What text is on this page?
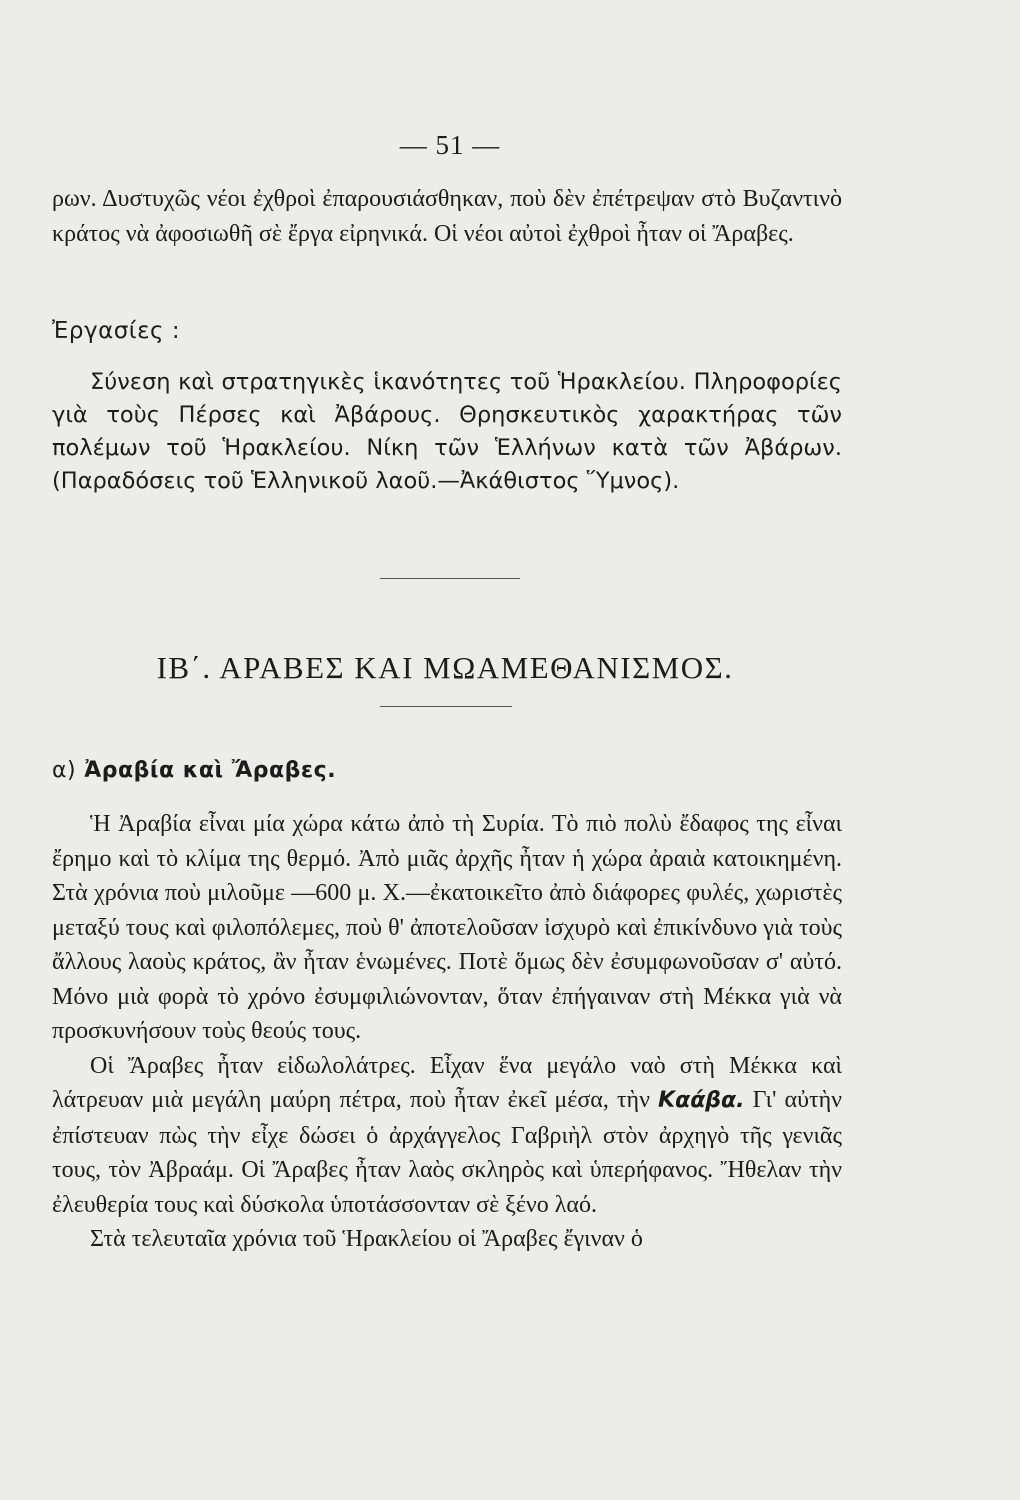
— 51 —

ρων. Δυστυχῶς νέοι ἐχθροὶ ἐπαρουσιάσθηκαν, ποὺ δὲν ἐπέτρεψαν στὸ Βυζαντινὸ κράτος νὰ ἀφοσιωθῆ σὲ ἔργα εἰρηνικά. Οἱ νέοι αὐτοὶ ἐχθροὶ ἦταν οἱ Ἄραβες.

Ἐργασίες :
Σύνεση καὶ στρατηγικὲς ἱκανότητες τοῦ Ἡρακλείου. Πληροφορίες γιὰ τοὺς Πέρσες καὶ Ἀβάρους. Θρησκευτικὸς χαρακτήρας τῶν πολέμων τοῦ Ἡρακλείου. Νίκη τῶν Ἑλλήνων κατὰ τῶν Ἀβάρων. (Παραδόσεις τοῦ Ἑλληνικοῦ λαοῦ.—Ἀκάθιστος Ὕμνος).
ΙΒ΄. ΑΡΑΒΕΣ ΚΑΙ ΜΩΑΜΕΘΑΝΙΣΜΟΣ.
α) Ἀραβία καὶ Ἄραβες.

Ἡ Ἀραβία εἶναι μία χώρα κάτω ἀπὸ τὴ Συρία. Τὸ πιὸ πολὺ ἔδαφος της εἶναι ἔρημο καὶ τὸ κλίμα της θερμό. Ἀπὸ μιᾶς ἀρχῆς ἦταν ἡ χώρα ἀραιὰ κατοικημένη. Στὰ χρόνια ποὺ μιλοῦμε —600 μ. Χ.—ἐκατοικεῖτο ἀπὸ διάφορες φυλές, χωριστὲς μεταξύ τους καὶ φιλοπόλεμες, ποὺ θ' ἀποτελοῦσαν ἰσχυρὸ καὶ ἐπικίνδυνο γιὰ τοὺς ἄλλους λαοὺς κράτος, ἂν ἦταν ἑνωμένες. Ποτὲ ὅμως δὲν ἐσυμφωνοῦσαν σ' αὐτό. Μόνο μιὰ φορὰ τὸ χρόνο ἐσυμφιλιώνονταν, ὅταν ἐπήγαιναν στὴ Μέκκα γιὰ νὰ προσκυνήσουν τοὺς θεούς τους.

Οἱ Ἄραβες ἦταν εἰδωλολάτρες. Εἶχαν ἕνα μεγάλο ναὸ στὴ Μέκκα καὶ λάτρευαν μιὰ μεγάλη μαύρη πέτρα, ποὺ ἦταν ἐκεῖ μέσα, τὴν Καάβα. Γι' αὐτὴν ἐπίστευαν πὼς τὴν εἶχε δώσει ὁ ἀρχάγγελος Γαβριὴλ στὸν ἀρχηγὸ τῆς γενιᾶς τους, τὸν Ἀβραάμ. Οἱ Ἄραβες ἦταν λαὸς σκληρὸς καὶ ὑπερήφανος. Ἤθελαν τὴν ἐλευθερία τους καὶ δύσκολα ὑποτάσσονταν σὲ ξένο λαό.

Στὰ τελευταῖα χρόνια τοῦ Ἡρακλείου οἱ Ἄραβες ἔγιναν ὁ
